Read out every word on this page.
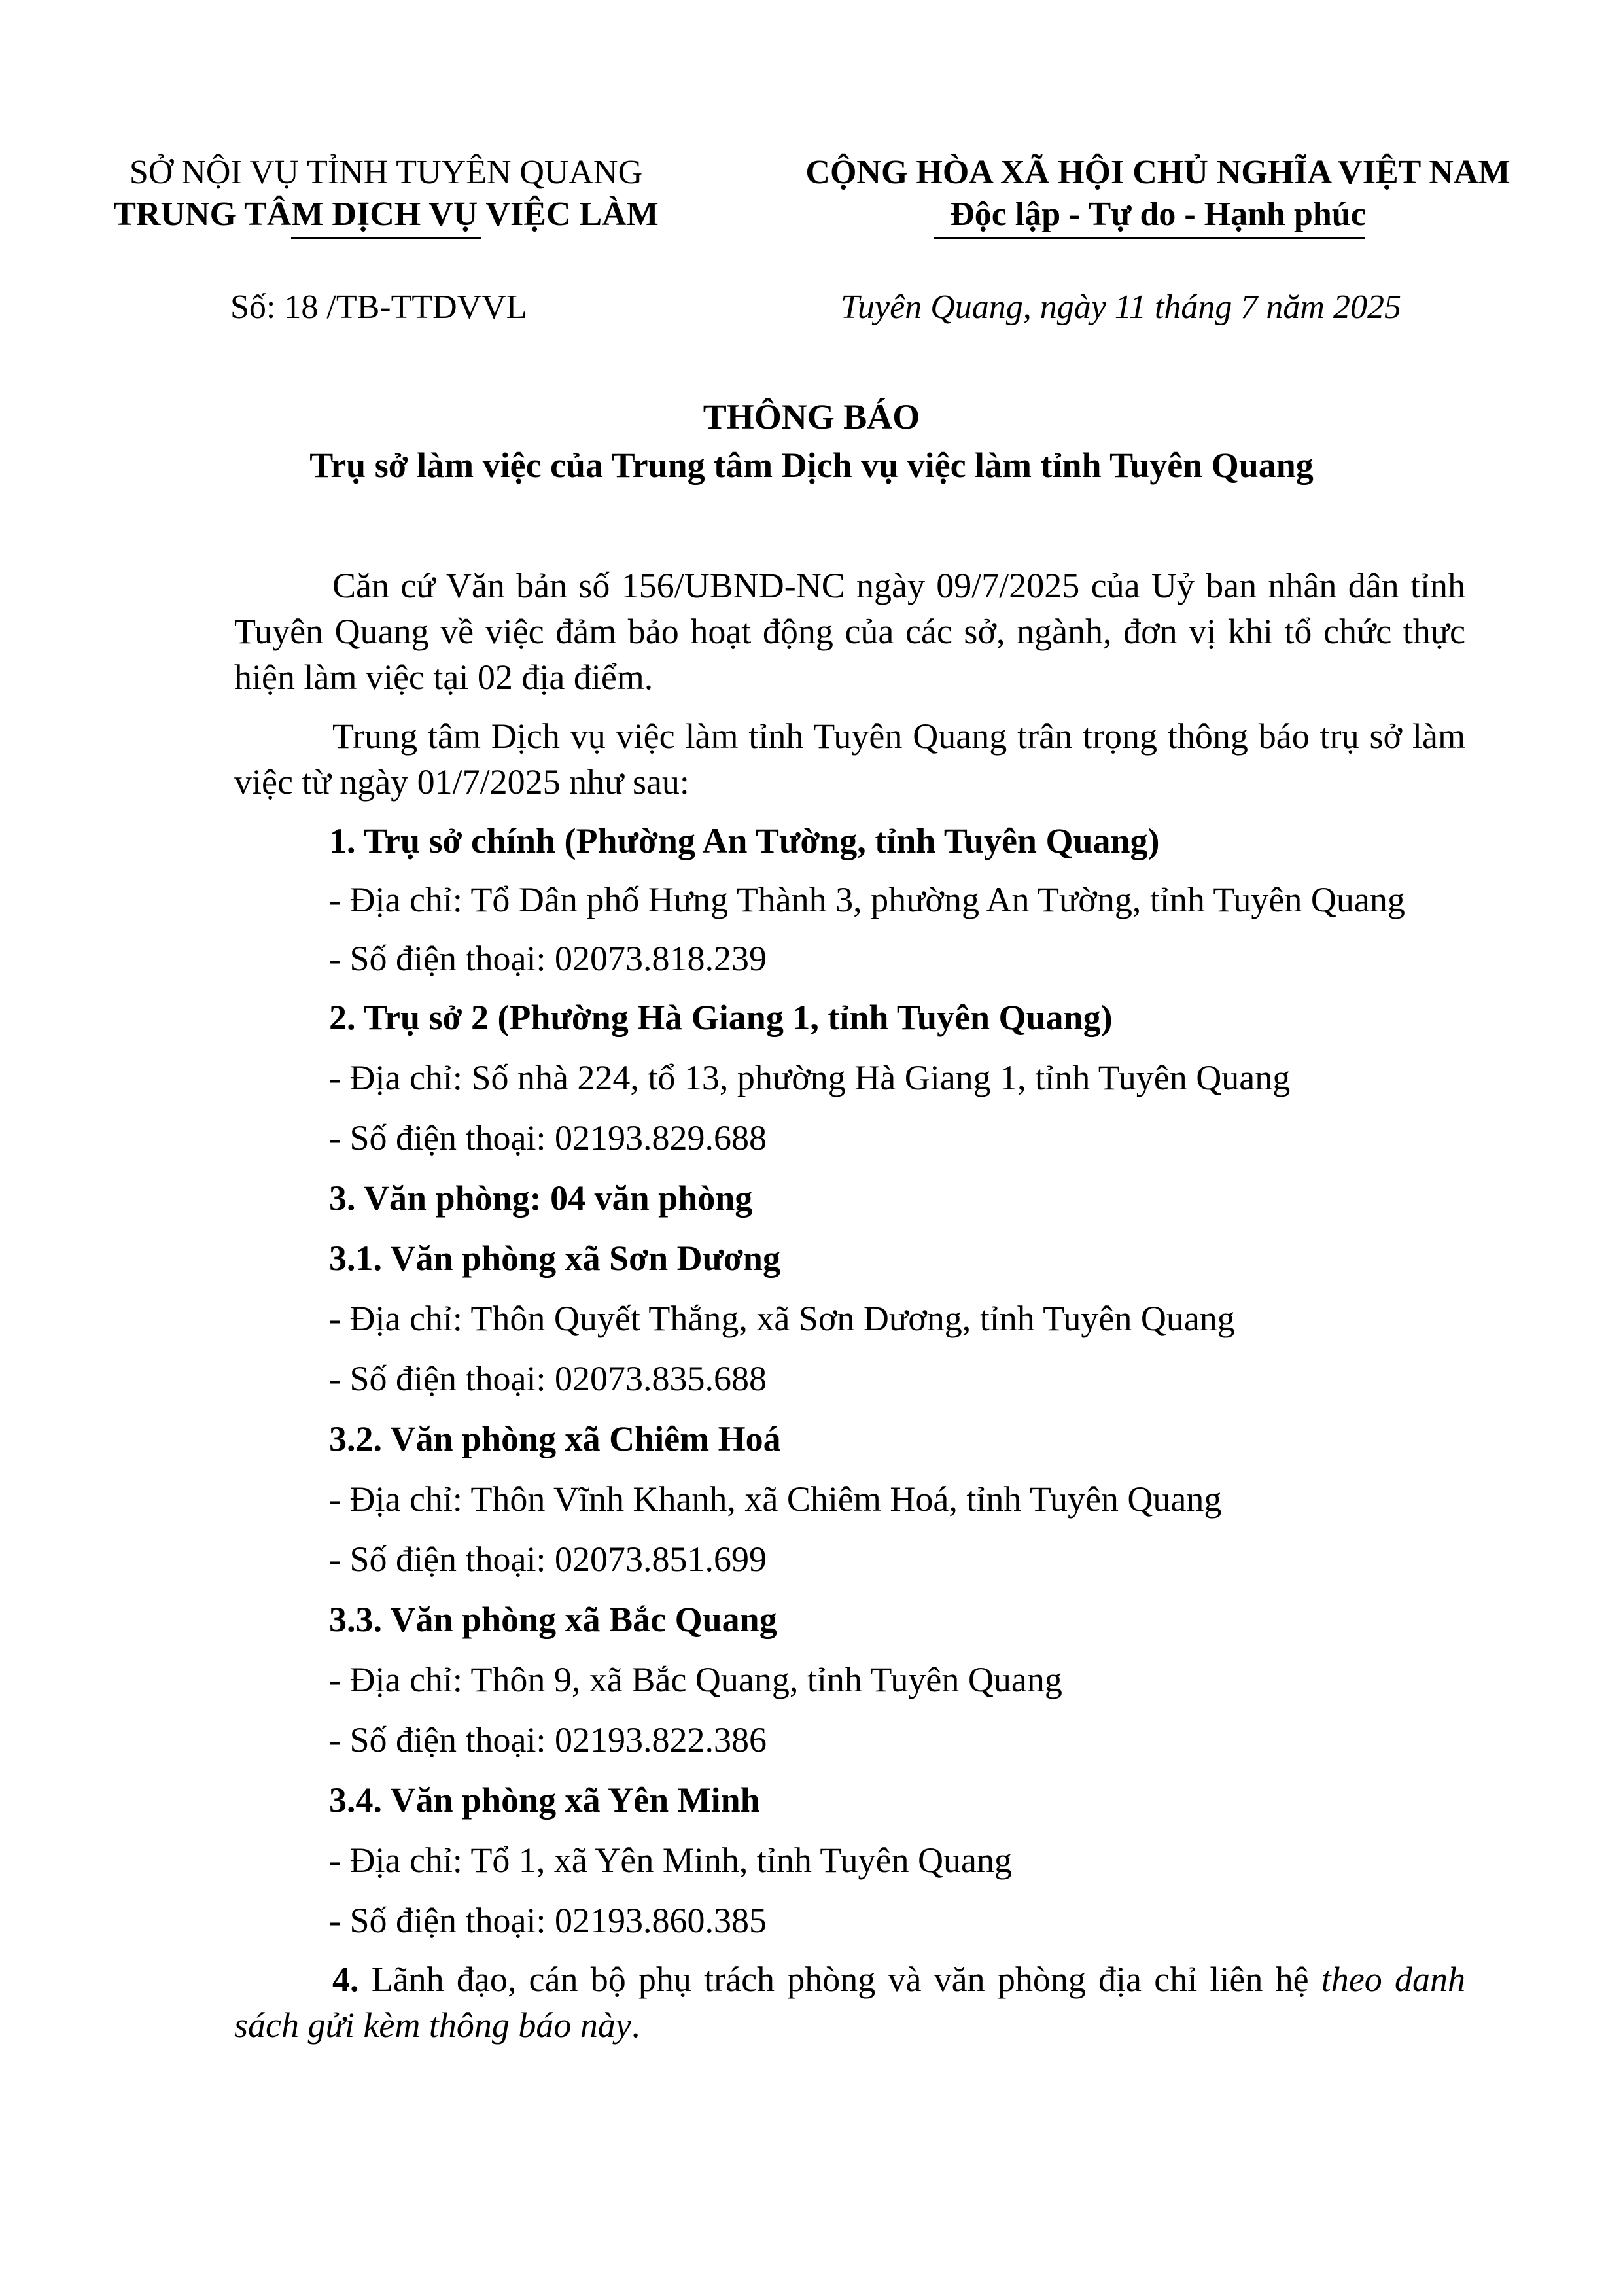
SỞ NỘI VỤ TỈNH TUYÊN QUANG
TRUNG TÂM DỊCH VỤ VIỆC LÀM
CỘNG HÒA XÃ HỘI CHỦ NGHĨA VIỆT NAM
Độc lập - Tự do - Hạnh phúc
Số: 18 /TB-TTDVVL	Tuyên Quang, ngày 11 tháng 7 năm 2025
THÔNG BÁO
Trụ sở làm việc của Trung tâm Dịch vụ việc làm tỉnh Tuyên Quang
Căn cứ Văn bản số 156/UBND-NC ngày 09/7/2025 của Uỷ ban nhân dân tỉnh Tuyên Quang về việc đảm bảo hoạt động của các sở, ngành, đơn vị khi tổ chức thực hiện làm việc tại 02 địa điểm.
Trung tâm Dịch vụ việc làm tỉnh Tuyên Quang trân trọng thông báo trụ sở làm việc từ ngày 01/7/2025 như sau:
1. Trụ sở chính (Phường An Tường, tỉnh Tuyên Quang)
- Địa chỉ: Tổ Dân phố Hưng Thành 3, phường An Tường, tỉnh Tuyên Quang
- Số điện thoại: 02073.818.239
2. Trụ sở 2 (Phường Hà Giang 1, tỉnh Tuyên Quang)
- Địa chỉ: Số nhà 224, tổ 13, phường Hà Giang 1, tỉnh Tuyên Quang
- Số điện thoại: 02193.829.688
3. Văn phòng: 04 văn phòng
3.1. Văn phòng xã Sơn Dương
- Địa chỉ: Thôn Quyết Thắng, xã Sơn Dương, tỉnh Tuyên Quang
- Số điện thoại: 02073.835.688
3.2. Văn phòng xã Chiêm Hoá
- Địa chỉ: Thôn Vĩnh Khanh, xã Chiêm Hoá, tỉnh Tuyên Quang
- Số điện thoại: 02073.851.699
3.3. Văn phòng xã Bắc Quang
- Địa chỉ: Thôn 9, xã Bắc Quang, tỉnh Tuyên Quang
- Số điện thoại: 02193.822.386
3.4. Văn phòng xã Yên Minh
- Địa chỉ: Tổ 1, xã Yên Minh, tỉnh Tuyên Quang
- Số điện thoại: 02193.860.385
4. Lãnh đạo, cán bộ phụ trách phòng và văn phòng địa chỉ liên hệ theo danh sách gửi kèm thông báo này.
